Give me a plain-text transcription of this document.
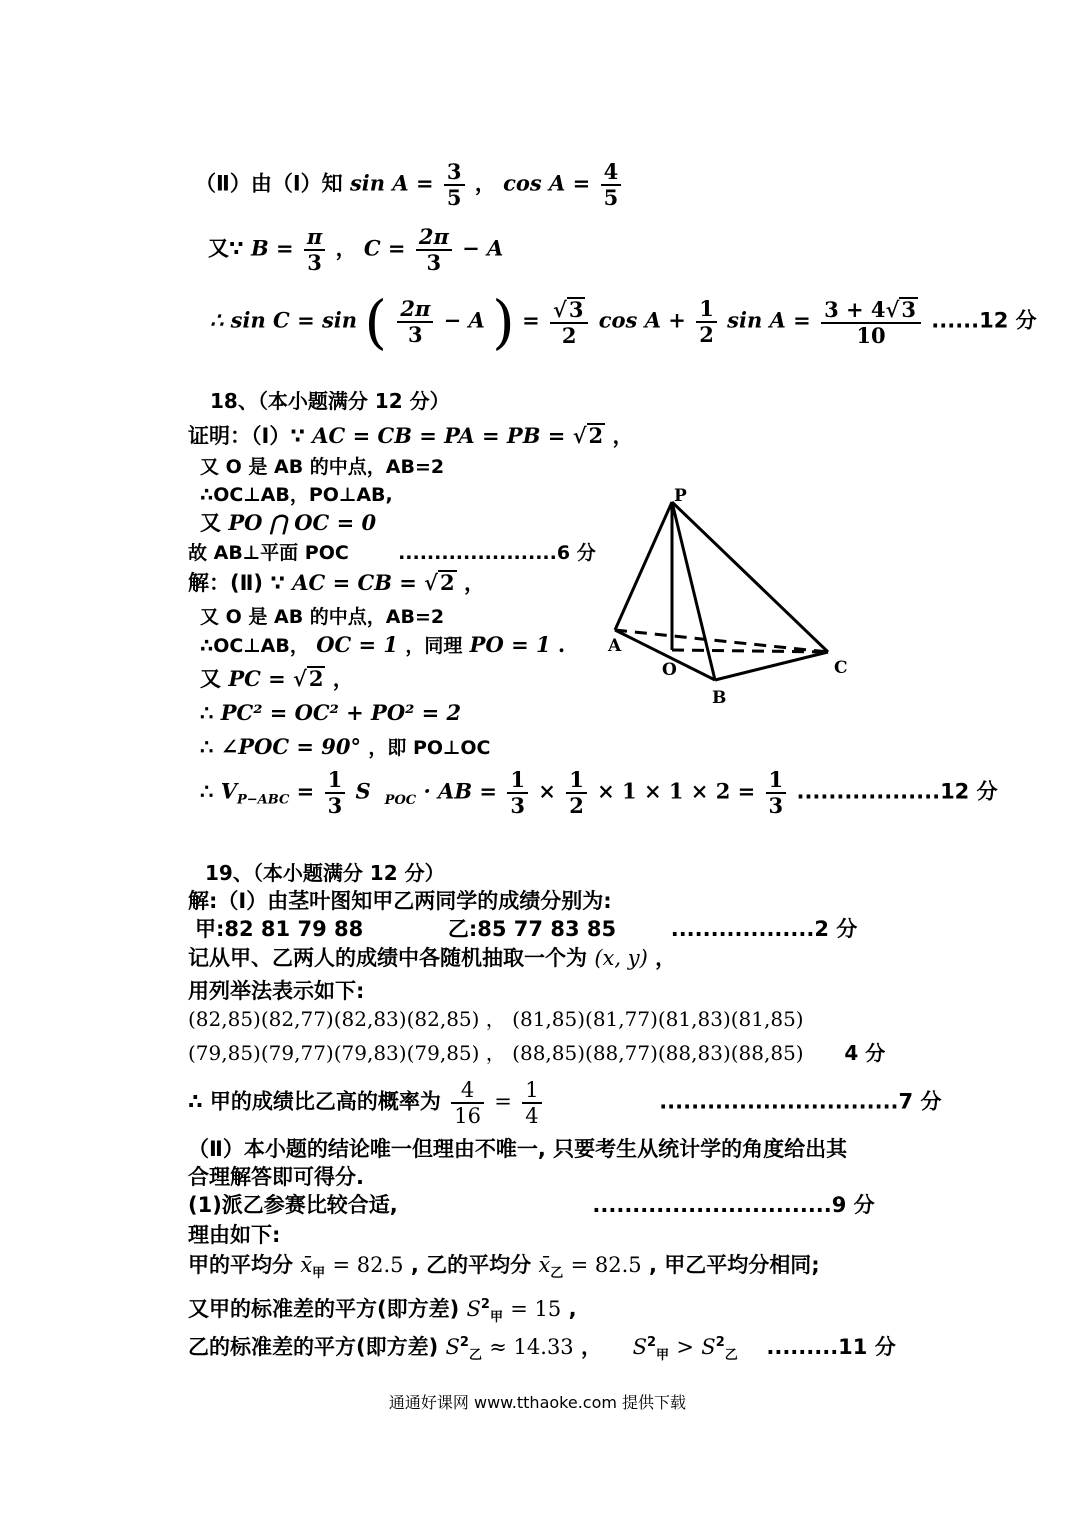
（Ⅱ）由（Ⅰ）知 $\sin A = \frac{3}{5}$ ， $\cos A = \frac{4}{5}$
又∵ $B = \frac{\pi}{3}$ ， $C = \frac{2\pi}{3} - A$
∴ sin C = sin ( $\frac{2\pi}{3} - A$ ) = $\frac{√3}{2}$ $\cos A + \frac{1}{2}$ $\sin A = \frac{3 + 4√3}{10} ......12$ 分
18、（本小题满分 12 分）
证明：（Ⅰ）∵ AC = CB = PA = PB = √2 ，
又 O 是 AB 的中点，AB=2
∴OC⊥AB，PO⊥AB,
又 PO ⋂ OC = 0
故 AB⊥平面 POC	......................6 分
解：(Ⅱ) ∵ AC = CB = √2 ，
又 O 是 AB 的中点，AB=2
∴OC⊥AB， OC = 1 ，同理 PO = 1 .
又 PC = √2 ，
∴ PC² = OC² + PO² = 2
∴ ∠POC = 90° ，即 PO⊥OC
∴ $V_{P-ABC} = \frac{1}{3}$ S $_{POC}$ · AB = $\frac{1}{3} \times \frac{1}{2} \times 1 \times 1 \times 2 = \frac{1}{3} ..................12$ 分
P
A
O
B
C
19、（本小题满分 12 分）
解:（Ⅰ）由茎叶图知甲乙两同学的成绩分别为:
甲:82 81 79 88	乙:85 77 83 85	..................2 分
记从甲、乙两人的成绩中各随机抽取一个为 (x, y) ，
用列举法表示如下:
(82,85)(82,77)(82,83)(82,85) ， (81,85)(81,77)(81,83)(81,85)
(79,85)(79,77)(79,83)(79,85) ， (88,85)(88,77)(88,83)(88,85) 4 分
∴ 甲的成绩比乙高的概率为 $\frac{4}{16} = \frac{1}{4}$	..............................7 分
（Ⅱ）本小题的结论唯一但理由不唯一, 只要考生从统计学的角度给出其
合理解答即可得分.
(1)派乙参赛比较合适,	..............................9 分
理由如下:
甲的平均分 $x̄_甲 = 82.5$ , 乙的平均分 $x̄_乙 = 82.5$ , 甲乙平均分相同;
又甲的标准差的平方(即方差) $S^2_甲 = 15$ ,
乙的标准差的平方(即方差) $S^2_乙 \approx 14.33$ ， $S^2_甲 > S^2_乙$ .........11 分
通通好课网 www.tthaoke.com 提供下载
